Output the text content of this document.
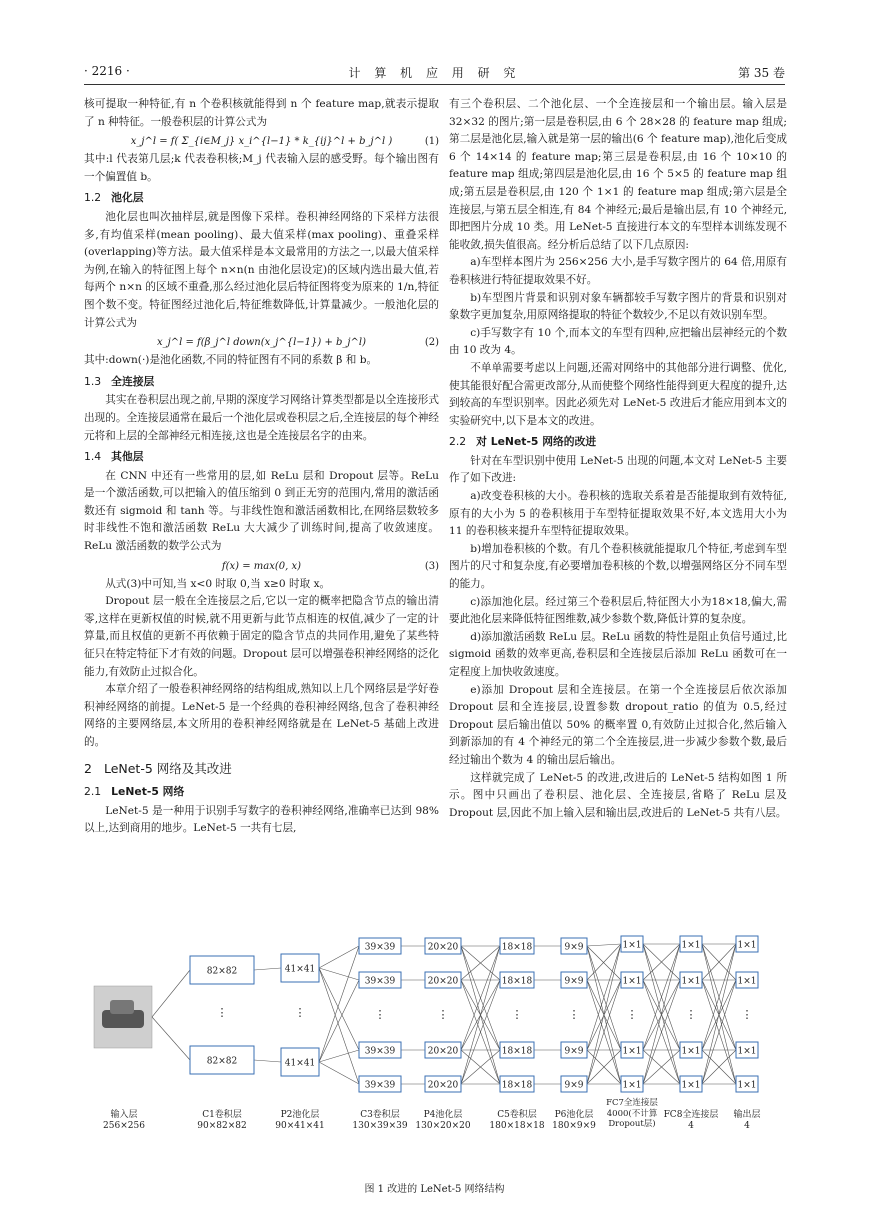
· 2216 ·	计 算 机 应 用 研 究	第 35 卷

核可提取一种特征,有 n 个卷积核就能得到 n 个 feature map,就表示提取了 n 种特征。一般卷积层的计算公式为

x_j^l = f( Σ_{i∈M_j} x_i^{l−1} * k_{ij}^l + b_j^l )	(1)

其中:l 代表第几层;k 代表卷积核;M_j 代表输入层的感受野。每个输出图有一个偏置值 b。

1.2 池化层

池化层也叫次抽样层,就是图像下采样。卷积神经网络的下采样方法很多,有均值采样(mean pooling)、最大值采样(max pooling)、重叠采样(overlapping)等方法。最大值采样是本文最常用的方法之一,以最大值采样为例,在输入的特征图上每个 n×n(n 由池化层设定)的区域内选出最大值,若每两个 n×n 的区域不重叠,那么经过池化层后特征图将变为原来的 1/n,特征图个数不变。特征图经过池化后,特征维数降低,计算量减少。一般池化层的计算公式为

x_j^l = f(β_j^l down(x_j^{l−1}) + b_j^l)	(2)

其中:down(·)是池化函数,不同的特征图有不同的系数 β 和 b。

1.3 全连接层

其实在卷积层出现之前,早期的深度学习网络计算类型都是以全连接形式出现的。全连接层通常在最后一个池化层或卷积层之后,全连接层的每个神经元将和上层的全部神经元相连接,这也是全连接层名字的由来。

1.4 其他层

在 CNN 中还有一些常用的层,如 ReLu 层和 Dropout 层等。ReLu 是一个激活函数,可以把输入的值压缩到 0 到正无穷的范围内,常用的激活函数还有 sigmoid 和 tanh 等。与非线性饱和激活函数相比,在网络层数较多时非线性不饱和激活函数 ReLu 大大减少了训练时间,提高了收敛速度。ReLu 激活函数的数学公式为

f(x) = max(0, x)	(3)

从式(3)中可知,当 x<0 时取 0,当 x≥0 时取 x。

Dropout 层一般在全连接层之后,它以一定的概率把隐含节点的输出清零,这样在更新权值的时候,就不用更新与此节点相连的权值,减少了一定的计算量,而且权值的更新不再依赖于固定的隐含节点的共同作用,避免了某些特征只在特定特征下才有效的问题。Dropout 层可以增强卷积神经网络的泛化能力,有效防止过拟合化。

本章介绍了一般卷积神经网络的结构组成,熟知以上几个网络层是学好卷积神经网络的前提。LeNet-5 是一个经典的卷积神经网络,包含了卷积神经网络的主要网络层,本文所用的卷积神经网络就是在 LeNet-5 基础上改进的。

2 LeNet-5 网络及其改进
2.1 LeNet-5 网络

LeNet-5 是一种用于识别手写数字的卷积神经网络,准确率已达到 98% 以上,达到商用的地步。LeNet-5 一共有七层,

有三个卷积层、二个池化层、一个全连接层和一个输出层。输入层是 32×32 的图片;第一层是卷积层,由 6 个 28×28 的 feature map 组成;第二层是池化层,输入就是第一层的输出(6 个 feature map),池化后变成 6 个 14×14 的 feature map;第三层是卷积层,由 16 个 10×10 的 feature map 组成;第四层是池化层,由 16 个 5×5 的 feature map 组成;第五层是卷积层,由 120 个 1×1 的 feature map 组成;第六层是全连接层,与第五层全相连,有 84 个神经元;最后是输出层,有 10 个神经元,即把图片分成 10 类。用 LeNet-5 直接进行本文的车型样本训练发现不能收敛,损失值很高。经分析后总结了以下几点原因:

a)车型样本图片为 256×256 大小,是手写数字图片的 64 倍,用原有卷积核进行特征提取效果不好。

b)车型图片背景和识别对象车辆都较手写数字图片的背景和识别对象数字更加复杂,用原网络提取的特征个数较少,不足以有效识别车型。

c)手写数字有 10 个,而本文的车型有四种,应把输出层神经元的个数由 10 改为 4。

不单单需要考虑以上问题,还需对网络中的其他部分进行调整、优化,使其能很好配合需更改部分,从而使整个网络性能得到更大程度的提升,达到较高的车型识别率。因此必须先对 LeNet-5 改进后才能应用到本文的实验研究中,以下是本文的改进。

2.2 对 LeNet-5 网络的改进

针对在车型识别中使用 LeNet-5 出现的问题,本文对 LeNet-5 主要作了如下改进:

a)改变卷积核的大小。卷积核的选取关系着是否能提取到有效特征,原有的大小为 5 的卷积核用于车型特征提取效果不好,本文选用大小为 11 的卷积核来提升车型特征提取效果。

b)增加卷积核的个数。有几个卷积核就能提取几个特征,考虑到车型图片的尺寸和复杂度,有必要增加卷积核的个数,以增强网络区分不同车型的能力。

c)添加池化层。经过第三个卷积层后,特征图大小为18×18,偏大,需要此池化层来降低特征图维数,减少参数个数,降低计算的复杂度。

d)添加激活函数 ReLu 层。ReLu 函数的特性是阻止负信号通过,比 sigmoid 函数的效率更高,卷积层和全连接层后添加 ReLu 函数可在一定程度上加快收敛速度。

e)添加 Dropout 层和全连接层。在第一个全连接层后依次添加 Dropout 层和全连接层,设置参数 dropout_ratio 的值为 0.5,经过 Dropout 层后输出值以 50% 的概率置 0,有效防止过拟合化,然后输入到新添加的有 4 个神经元的第二个全连接层,进一步减少参数个数,最后经过输出个数为 4 的输出层后输出。

这样就完成了 LeNet-5 的改进,改进后的 LeNet-5 结构如图 1 所示。图中只画出了卷积层、池化层、全连接层,省略了 ReLu 层及 Dropout 层,因此不加上输入层和输出层,改进后的 LeNet-5 共有八层。

82×82
82×82
⋮
41×41
41×41
⋮
39×39
39×39
39×39
39×39
⋮
20×20
20×20
20×20
20×20
⋮
18×18
18×18
18×18
18×18
⋮
9×9
9×9
9×9
9×9
⋮
1×1
1×1
1×1
1×1
⋮
1×1
1×1
1×1
1×1
⋮
1×1
1×1
1×1
1×1
⋮
输入层
256×256
C1卷积层
90×82×82
P2池化层
90×41×41
C3卷积层
130×39×39
P4池化层
130×20×20
C5卷积层
180×18×18
P6池化层
180×9×9
FC7全连接层
4000(不计算
Dropout层)
FC8全连接层
4
输出层
4
图 1 改进的 LeNet-5 网络结构
